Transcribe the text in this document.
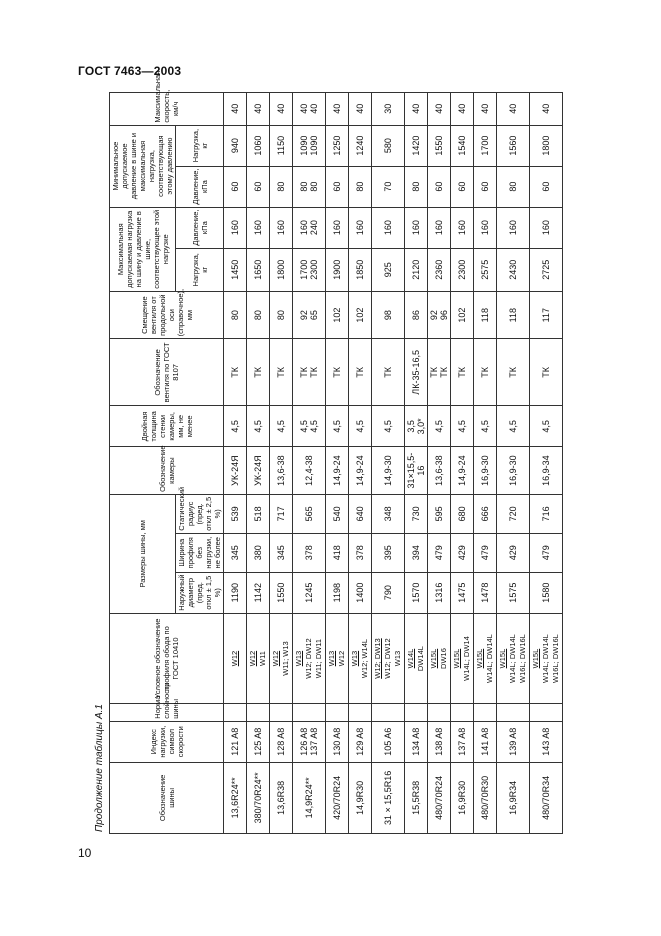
ГОСТ 7463—2003
Продолжение таблицы А.1	Обозначение шины	Индекс нагрузки, символ скорости	Норма слойности шины	Условное обозначение профиля обода по ГОСТ 10410	Размеры шины, мм			Обозначение камеры	Двойная толщина стенки камеры, мм, не менее	Обозначение вентиля по ГОСТ 8107	Смещение вентиля от продольной оси (справочное), мм	Максимальная допускаемая нагрузка на шину и давление в шине, соответствующее этой нагрузке		Минимальное допускаемое давление в шине и максимальная нагрузка, соответствующая этому давлению		Максимальная скорость, км/ч
				Наружный диаметр (пред. откл ± 1,5 %)	Ширина профиля без нагрузки, не более	Статический радиус (пред. откл ± 2,5 %)					Нагрузка, кг	Давление, кПа	Давление, кПа	Нагрузка, кг	
13,6R24**	121 A8		W12	1190	345	539	УК-24Я	4,5	ТК	80	1450	160	60	940	40

380/70R24**	125 A8		W12 W11	1142	380	518	УК-24Я	4,5	ТК	80	1650	160	60	1060	40

13,6R38	128 A8		W12 W11; W13	1550	345	717	13,6-38	4,5	ТК	80	1800	160	80	1150	40

14,9R24**	126 A8 137 A8		W13 W12; DW12 W11; DW11	1245	378	565	12,4-38	4,5 4,5	ТК ТК	92 65	1700 2300	160 240	80 80	1090 1090	40 40

420/70R24	130 A8		W13 W12	1198	418	540	14,9-24	4,5	ТК	102	1900	160	60	1250	40

14,9R30	129 A8		W13 W12; W14L	1400	378	640	14,9-24	4,5	ТК	102	1850	160	80	1240	40

31 × 15,5R16	105 A6		W12; DW13 W12; DW12 W13	790	395	348	14,9-30	4,5	ТК	98	925	160	70	580	30

15,5R38	134 A8		W14L DW14L	1570	394	730	31×15,5-16	3,5 3,0*	ЛК-35-16,5	86	2120	160	80	1420	40

480/70R24	138 A8		W15L DW16	1316	479	595	13,6-38	4,5	ТК ТК	92 96	2360	160	60	1550	40

16,9R30	137 A8		W15L W14L; DW14	1475	429	680	14,9-24	4,5	ТК	102	2300	160	60	1540	40

480/70R30	141 A8		W15L W14L; DW14L	1478	479	666	16,9-30	4,5	ТК	118	2575	160	60	1700	40

16,9R34	139 A8		W15L W14L; DW14L W16L; DW16L	1575	429	720	16,9-30	4,5	ТК	118	2430	160	80	1560	40

480/70R34	143 A8		W15L W14L; DW14L W16L; DW16L	1580	479	716	16,9-34	4,5	ТК	117	2725	160	60	1800	40
10
